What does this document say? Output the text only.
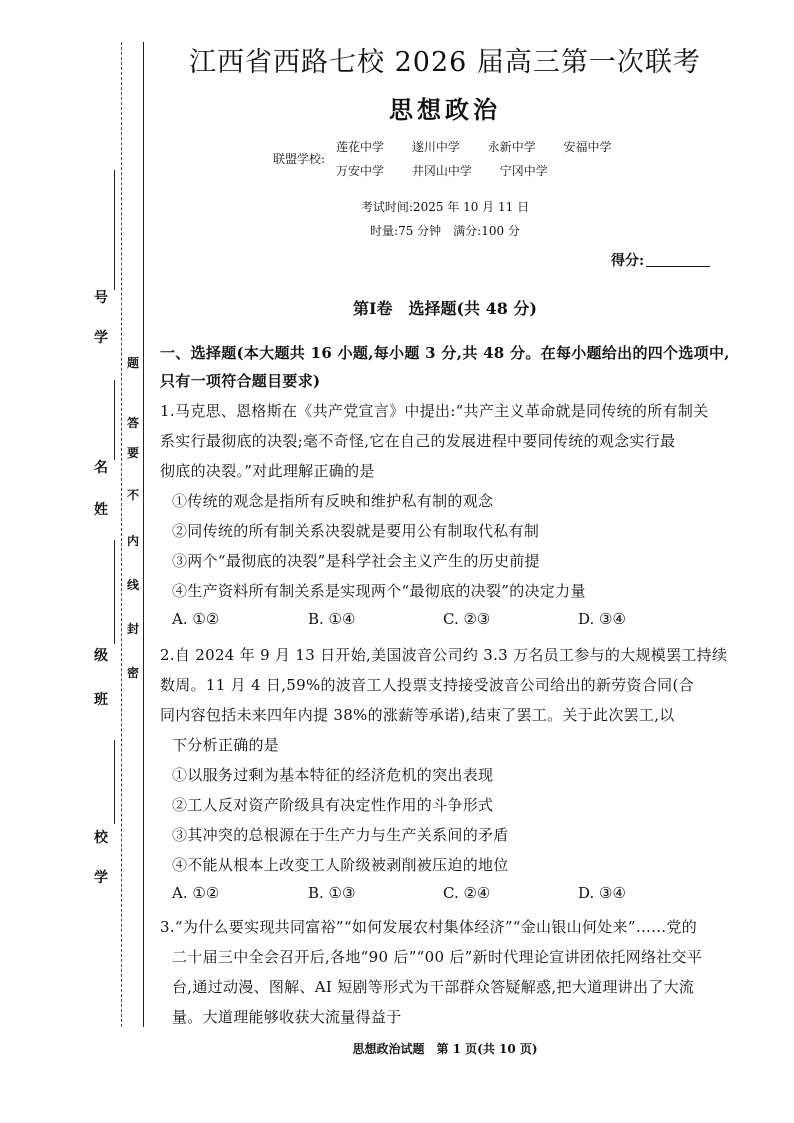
题
答
要
不
内
线
封
密
号
学
名
姓
级
班
校
学
江西省西路七校 2026 届高三第一次联考
思想政治
联盟学校:
莲花中学 遂川中学 永新中学 安福中学
万安中学 井冈山中学 宁冈中学
考试时间:2025 年 10 月 11 日
时量:75 分钟　满分:100 分
得分:
第Ⅰ卷　选择题(共 48 分)
一、选择题(本大题共 16 小题,每小题 3 分,共 48 分。在每小题给出的四个选项中,
只有一项符合题目要求)
1.马克思、恩格斯在《共产党宣言》中提出:“共产主义革命就是同传统的所有制关
系实行最彻底的决裂;毫不奇怪,它在自己的发展进程中要同传统的观念实行最
彻底的决裂。”对此理解正确的是
①传统的观念是指所有反映和维护私有制的观念
②同传统的所有制关系决裂就是要用公有制取代私有制
③两个“最彻底的决裂”是科学社会主义产生的历史前提
④生产资料所有制关系是实现两个“最彻底的决裂”的决定力量
A. ①②	B. ①④	C. ②③	D. ③④
2.自 2024 年 9 月 13 日开始,美国波音公司约 3.3 万名员工参与的大规模罢工持续
数周。11 月 4 日,59%的波音工人投票支持接受波音公司给出的新劳资合同(合
同内容包括未来四年内提 38%的涨薪等承诺),结束了罢工。关于此次罢工,以
下分析正确的是
①以服务过剩为基本特征的经济危机的突出表现
②工人反对资产阶级具有决定性作用的斗争形式
③其冲突的总根源在于生产力与生产关系间的矛盾
④不能从根本上改变工人阶级被剥削被压迫的地位
A. ①②	B. ①③	C. ②④	D. ③④
3.“为什么要实现共同富裕”“如何发展农村集体经济”“金山银山何处来”……党的
二十届三中全会召开后,各地“90 后”“00 后”新时代理论宣讲团依托网络社交平
台,通过动漫、图解、AI 短剧等形式为干部群众答疑解惑,把大道理讲出了大流
量。大道理能够收获大流量得益于
思想政治试题　第 1 页(共 10 页)
